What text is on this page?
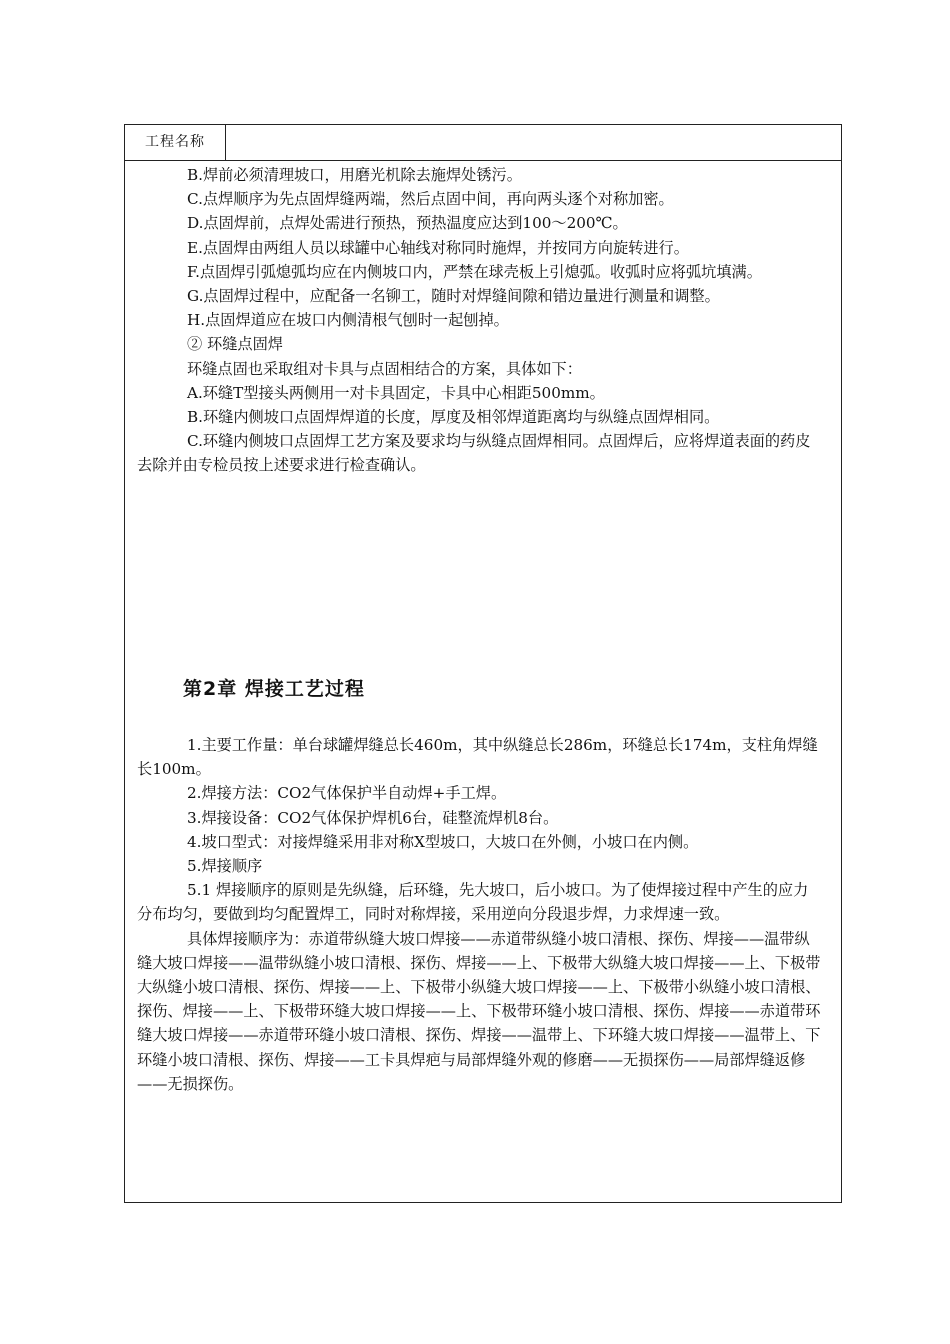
工程名称

B.焊前必须清理坡口，用磨光机除去施焊处锈污。

C.点焊顺序为先点固焊缝两端，然后点固中间，再向两头逐个对称加密。

D.点固焊前，点焊处需进行预热，预热温度应达到100～200℃。

E.点固焊由两组人员以球罐中心轴线对称同时施焊，并按同方向旋转进行。

F.点固焊引弧熄弧均应在内侧坡口内，严禁在球壳板上引熄弧。收弧时应将弧坑填满。

G.点固焊过程中，应配备一名铆工，随时对焊缝间隙和错边量进行测量和调整。

H.点固焊道应在坡口内侧清根气刨时一起刨掉。

② 环缝点固焊

环缝点固也采取组对卡具与点固相结合的方案，具体如下：

A.环缝T型接头两侧用一对卡具固定，卡具中心相距500mm。

B.环缝内侧坡口点固焊焊道的长度，厚度及相邻焊道距离均与纵缝点固焊相同。

C.环缝内侧坡口点固焊工艺方案及要求均与纵缝点固焊相同。点固焊后，应将焊道表面的药皮去除并由专检员按上述要求进行检查确认。

第2章 焊接工艺过程

1.主要工作量：单台球罐焊缝总长460m，其中纵缝总长286m，环缝总长174m，支柱角焊缝长100m。

2.焊接方法：CO2气体保护半自动焊+手工焊。

3.焊接设备：CO2气体保护焊机6台，硅整流焊机8台。

4.坡口型式：对接焊缝采用非对称X型坡口，大坡口在外侧，小坡口在内侧。

5.焊接顺序

5.1 焊接顺序的原则是先纵缝，后环缝，先大坡口，后小坡口。为了使焊接过程中产生的应力分布均匀，要做到均匀配置焊工，同时对称焊接，采用逆向分段退步焊，力求焊速一致。

具体焊接顺序为：赤道带纵缝大坡口焊接——赤道带纵缝小坡口清根、探伤、焊接——温带纵缝大坡口焊接——温带纵缝小坡口清根、探伤、焊接——上、下极带大纵缝大坡口焊接——上、下极带大纵缝小坡口清根、探伤、焊接——上、下极带小纵缝大坡口焊接——上、下极带小纵缝小坡口清根、探伤、焊接——上、下极带环缝大坡口焊接——上、下极带环缝小坡口清根、探伤、焊接——赤道带环缝大坡口焊接——赤道带环缝小坡口清根、探伤、焊接——温带上、下环缝大坡口焊接——温带上、下环缝小坡口清根、探伤、焊接——工卡具焊疤与局部焊缝外观的修磨——无损探伤——局部焊缝返修——无损探伤。
